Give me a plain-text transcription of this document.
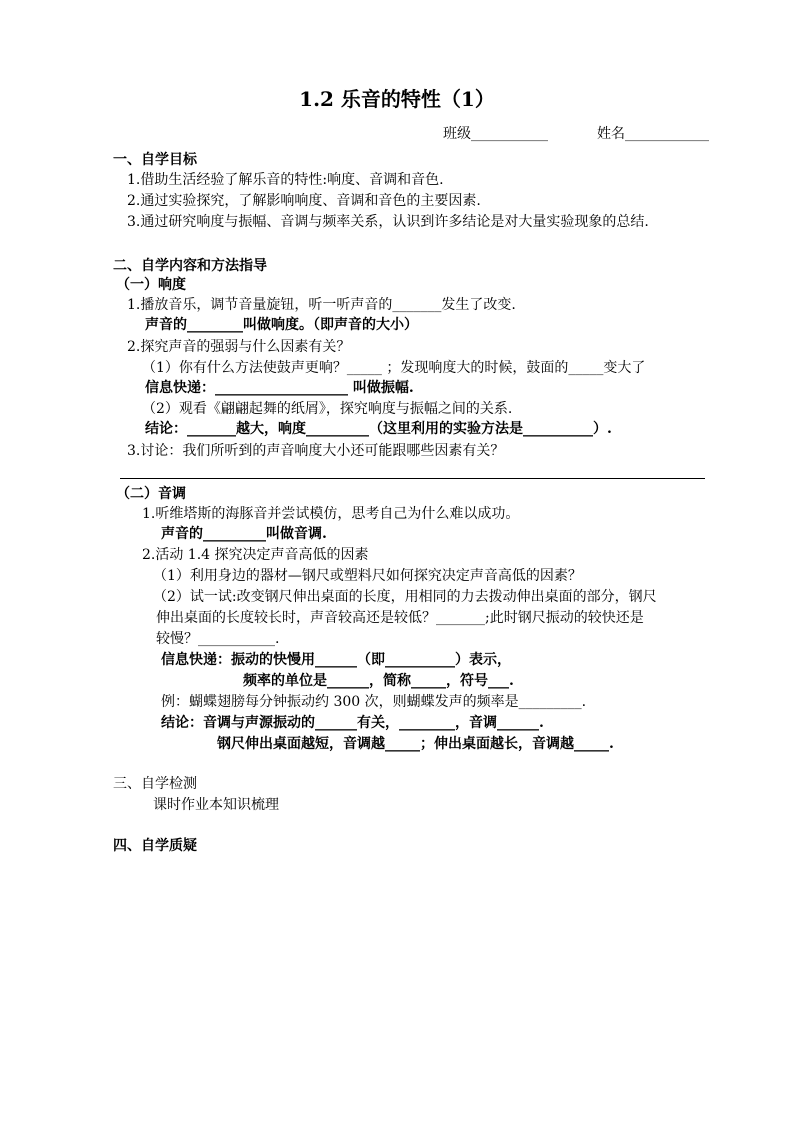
1.2 乐音的特性（1）
班级___________	姓名____________
一、自学目标
1.借助生活经验了解乐音的特性:响度、音调和音色.
2.通过实验探究，了解影响响度、音调和音色的主要因素.
3.通过研究响度与振幅、音调与频率关系，认识到许多结论是对大量实验现象的总结.
二、自学内容和方法指导
（一）响度
1.播放音乐，调节音量旋钮，听一听声音的_______发生了改变.
声音的________叫做响度。（即声音的大小）
2.探究声音的强弱与什么因素有关？
（1）你有什么方法使鼓声更响？_____ ；发现响度大的时候，鼓面的_____变大了
信息快递：___________________ 叫做振幅.
（2）观看《翩翩起舞的纸屑》，探究响度与振幅之间的关系.
结论：_______越大，响度_________（这里利用的实验方法是__________）.
3.讨论：我们所听到的声音响度大小还可能跟哪些因素有关？
（二）音调
1.听维塔斯的海豚音并尝试模仿，思考自己为什么难以成功。
声音的_________叫做音调.
2.活动 1.4 探究决定声音高低的因素
（1）利用身边的器材—钢尺或塑料尺如何探究决定声音高低的因素？
（2）试一试:改变钢尺伸出桌面的长度，用相同的力去拨动伸出桌面的部分，钢尺
伸出桌面的长度较长时，声音较高还是较低？_______;此时钢尺振动的较快还是
较慢？___________.
信息快递：振动的快慢用______（即__________）表示，
频率的单位是______，简称_____，符号___.
例：蝴蝶翅膀每分钟振动约 300 次，则蝴蝶发声的频率是_________.
结论：音调与声源振动的______有关，________，音调______.
钢尺伸出桌面越短，音调越_____；伸出桌面越长，音调越_____.
三、自学检测
课时作业本知识梳理
四、自学质疑
